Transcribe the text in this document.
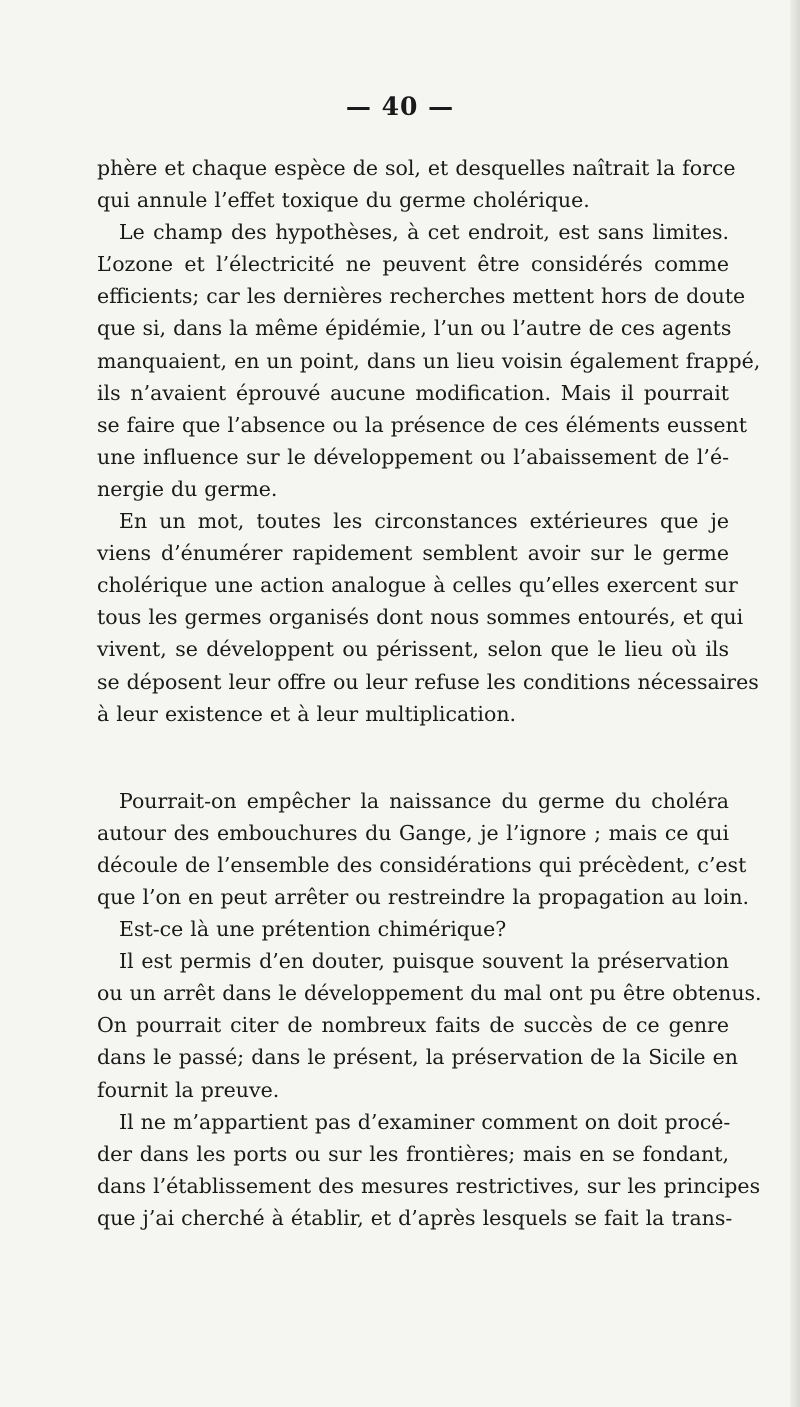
— 40 —
phère et chaque espèce de sol, et desquelles naîtrait la force
qui annule l’effet toxique du germe cholérique.
Le champ des hypothèses, à cet endroit, est sans limites.
L’ozone et l’électricité ne peuvent être considérés comme
efficients; car les dernières recherches mettent hors de doute
que si, dans la même épidémie, l’un ou l’autre de ces agents
manquaient, en un point, dans un lieu voisin également frappé,
ils n’avaient éprouvé aucune modification. Mais il pourrait
se faire que l’absence ou la présence de ces éléments eussent
une influence sur le développement ou l’abaissement de l’é-
nergie du germe.
En un mot, toutes les circonstances extérieures que je
viens d’énumérer rapidement semblent avoir sur le germe
cholérique une action analogue à celles qu’elles exercent sur
tous les germes organisés dont nous sommes entourés, et qui
vivent, se développent ou périssent, selon que le lieu où ils
se déposent leur offre ou leur refuse les conditions nécessaires
à leur existence et à leur multiplication.
Pourrait-on empêcher la naissance du germe du choléra
autour des embouchures du Gange, je l’ignore ; mais ce qui
découle de l’ensemble des considérations qui précèdent, c’est
que l’on en peut arrêter ou restreindre la propagation au loin.
Est-ce là une prétention chimérique?
Il est permis d’en douter, puisque souvent la préservation
ou un arrêt dans le développement du mal ont pu être obtenus.
On pourrait citer de nombreux faits de succès de ce genre
dans le passé; dans le présent, la préservation de la Sicile en
fournit la preuve.
Il ne m’appartient pas d’examiner comment on doit procé-
der dans les ports ou sur les frontières; mais en se fondant,
dans l’établissement des mesures restrictives, sur les principes
que j’ai cherché à établir, et d’après lesquels se fait la trans-
